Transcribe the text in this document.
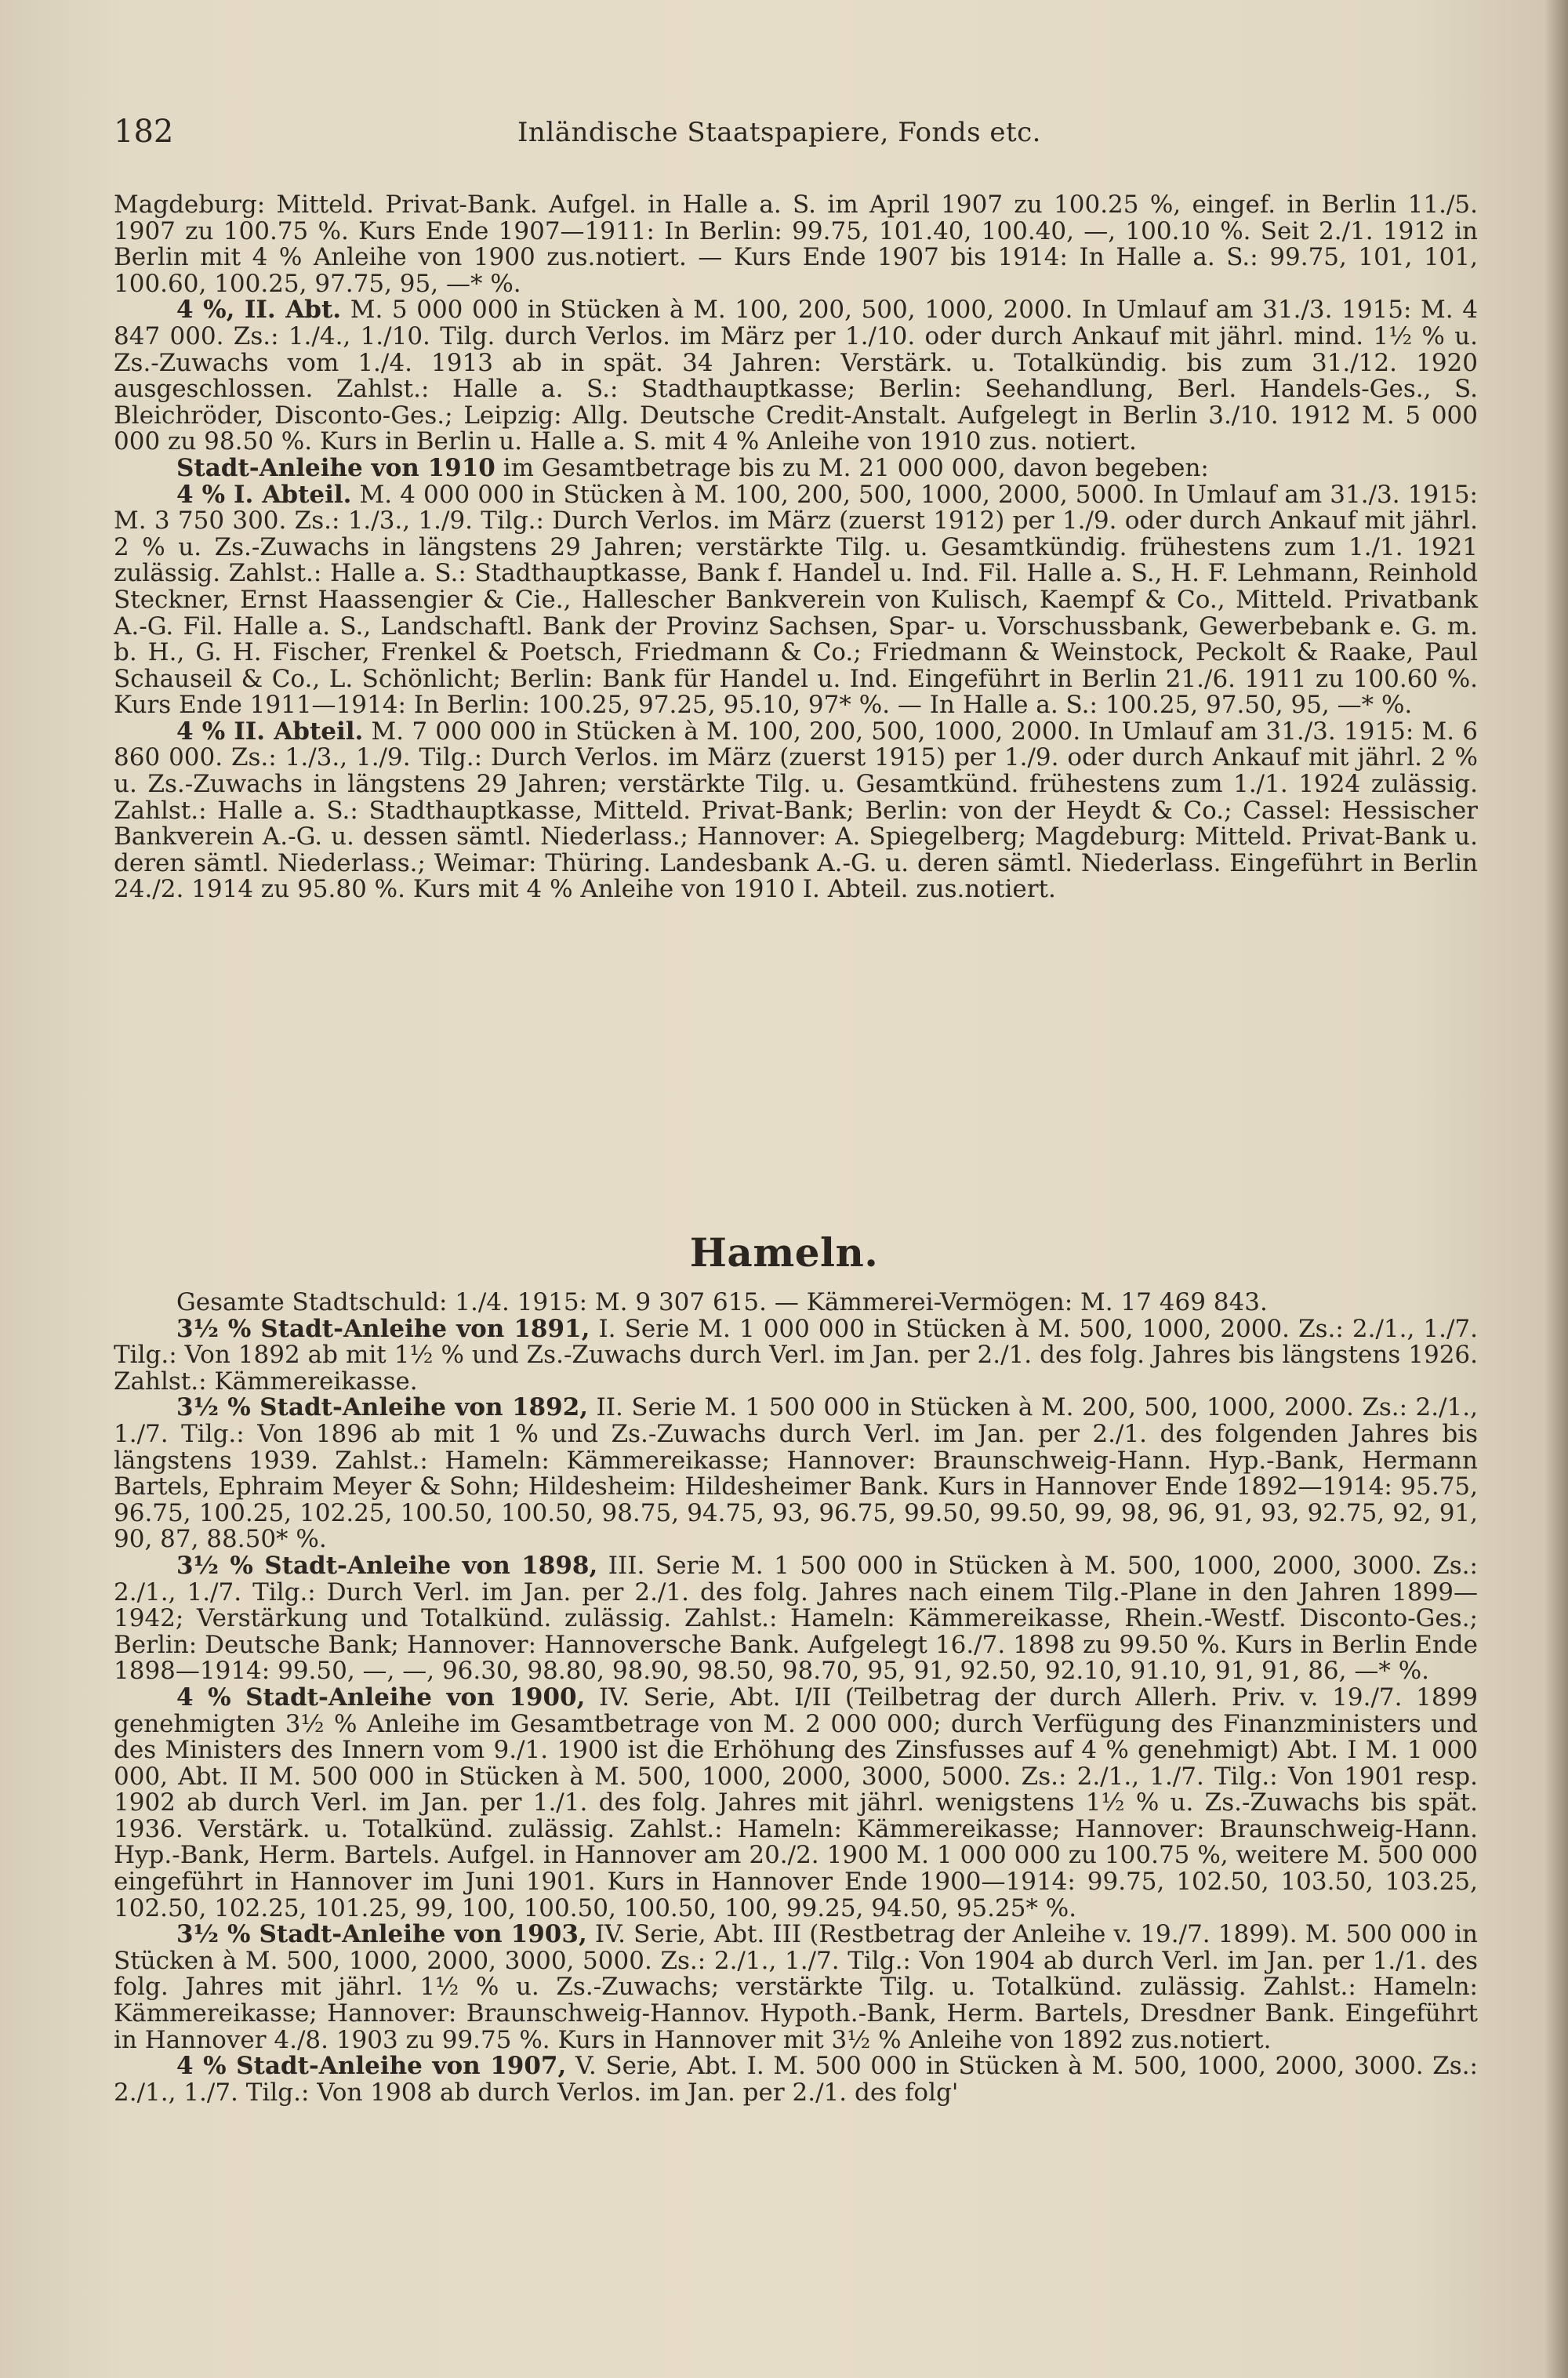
182	Inländische Staatspapiere, Fonds etc.

Magdeburg: Mitteld. Privat-Bank. Aufgel. in Halle a. S. im April 1907 zu 100.25 %, eingef. in Berlin 11./5. 1907 zu 100.75 %. Kurs Ende 1907—1911: In Berlin: 99.75, 101.40, 100.40, —, 100.10 %. Seit 2./1. 1912 in Berlin mit 4 % Anleihe von 1900 zus.notiert. — Kurs Ende 1907 bis 1914: In Halle a. S.: 99.75, 101, 101, 100.60, 100.25, 97.75, 95, —* %.

4 %, II. Abt. M. 5 000 000 in Stücken à M. 100, 200, 500, 1000, 2000. In Umlauf am 31./3. 1915: M. 4 847 000. Zs.: 1./4., 1./10. Tilg. durch Verlos. im März per 1./10. oder durch Ankauf mit jährl. mind. 1½ % u. Zs.-Zuwachs vom 1./4. 1913 ab in spät. 34 Jahren: Verstärk. u. Totalkündig. bis zum 31./12. 1920 ausgeschlossen. Zahlst.: Halle a. S.: Stadthauptkasse; Berlin: Seehandlung, Berl. Handels-Ges., S. Bleichröder, Disconto-Ges.; Leipzig: Allg. Deutsche Credit-Anstalt. Aufgelegt in Berlin 3./10. 1912 M. 5 000 000 zu 98.50 %. Kurs in Berlin u. Halle a. S. mit 4 % Anleihe von 1910 zus. notiert.

Stadt-Anleihe von 1910 im Gesamtbetrage bis zu M. 21 000 000, davon begeben:

4 % I. Abteil. M. 4 000 000 in Stücken à M. 100, 200, 500, 1000, 2000, 5000. In Umlauf am 31./3. 1915: M. 3 750 300. Zs.: 1./3., 1./9. Tilg.: Durch Verlos. im März (zuerst 1912) per 1./9. oder durch Ankauf mit jährl. 2 % u. Zs.-Zuwachs in längstens 29 Jahren; verstärkte Tilg. u. Gesamtkündig. frühestens zum 1./1. 1921 zulässig. Zahlst.: Halle a. S.: Stadthauptkasse, Bank f. Handel u. Ind. Fil. Halle a. S., H. F. Lehmann, Reinhold Steckner, Ernst Haassengier & Cie., Hallescher Bankverein von Kulisch, Kaempf & Co., Mitteld. Privatbank A.-G. Fil. Halle a. S., Landschaftl. Bank der Provinz Sachsen, Spar- u. Vorschussbank, Gewerbebank e. G. m. b. H., G. H. Fischer, Frenkel & Poetsch, Friedmann & Co.; Friedmann & Weinstock, Peckolt & Raake, Paul Schauseil & Co., L. Schönlicht; Berlin: Bank für Handel u. Ind. Eingeführt in Berlin 21./6. 1911 zu 100.60 %. Kurs Ende 1911—1914: In Berlin: 100.25, 97.25, 95.10, 97* %. — In Halle a. S.: 100.25, 97.50, 95, —* %.

4 % II. Abteil. M. 7 000 000 in Stücken à M. 100, 200, 500, 1000, 2000. In Umlauf am 31./3. 1915: M. 6 860 000. Zs.: 1./3., 1./9. Tilg.: Durch Verlos. im März (zuerst 1915) per 1./9. oder durch Ankauf mit jährl. 2 % u. Zs.-Zuwachs in längstens 29 Jahren; verstärkte Tilg. u. Gesamtkünd. frühestens zum 1./1. 1924 zulässig. Zahlst.: Halle a. S.: Stadthauptkasse, Mitteld. Privat-Bank; Berlin: von der Heydt & Co.; Cassel: Hessischer Bankverein A.-G. u. dessen sämtl. Niederlass.; Hannover: A. Spiegelberg; Magdeburg: Mitteld. Privat-Bank u. deren sämtl. Niederlass.; Weimar: Thüring. Landesbank A.-G. u. deren sämtl. Niederlass. Eingeführt in Berlin 24./2. 1914 zu 95.80 %. Kurs mit 4 % Anleihe von 1910 I. Abteil. zus.notiert.

Hameln.

Gesamte Stadtschuld: 1./4. 1915: M. 9 307 615. — Kämmerei-Vermögen: M. 17 469 843.

3½ % Stadt-Anleihe von 1891, I. Serie M. 1 000 000 in Stücken à M. 500, 1000, 2000. Zs.: 2./1., 1./7. Tilg.: Von 1892 ab mit 1½ % und Zs.-Zuwachs durch Verl. im Jan. per 2./1. des folg. Jahres bis längstens 1926. Zahlst.: Kämmereikasse.

3½ % Stadt-Anleihe von 1892, II. Serie M. 1 500 000 in Stücken à M. 200, 500, 1000, 2000. Zs.: 2./1., 1./7. Tilg.: Von 1896 ab mit 1 % und Zs.-Zuwachs durch Verl. im Jan. per 2./1. des folgenden Jahres bis längstens 1939. Zahlst.: Hameln: Kämmereikasse; Hannover: Braunschweig-Hann. Hyp.-Bank, Hermann Bartels, Ephraim Meyer & Sohn; Hildesheim: Hildesheimer Bank. Kurs in Hannover Ende 1892—1914: 95.75, 96.75, 100.25, 102.25, 100.50, 100.50, 98.75, 94.75, 93, 96.75, 99.50, 99.50, 99, 98, 96, 91, 93, 92.75, 92, 91, 90, 87, 88.50* %.

3½ % Stadt-Anleihe von 1898, III. Serie M. 1 500 000 in Stücken à M. 500, 1000, 2000, 3000. Zs.: 2./1., 1./7. Tilg.: Durch Verl. im Jan. per 2./1. des folg. Jahres nach einem Tilg.-Plane in den Jahren 1899—1942; Verstärkung und Totalkünd. zulässig. Zahlst.: Hameln: Kämmereikasse, Rhein.-Westf. Disconto-Ges.; Berlin: Deutsche Bank; Hannover: Hannoversche Bank. Aufgelegt 16./7. 1898 zu 99.50 %. Kurs in Berlin Ende 1898—1914: 99.50, —, —, 96.30, 98.80, 98.90, 98.50, 98.70, 95, 91, 92.50, 92.10, 91.10, 91, 91, 86, —* %.

4 % Stadt-Anleihe von 1900, IV. Serie, Abt. I/II (Teilbetrag der durch Allerh. Priv. v. 19./7. 1899 genehmigten 3½ % Anleihe im Gesamtbetrage von M. 2 000 000; durch Verfügung des Finanzministers und des Ministers des Innern vom 9./1. 1900 ist die Erhöhung des Zinsfusses auf 4 % genehmigt) Abt. I M. 1 000 000, Abt. II M. 500 000 in Stücken à M. 500, 1000, 2000, 3000, 5000. Zs.: 2./1., 1./7. Tilg.: Von 1901 resp. 1902 ab durch Verl. im Jan. per 1./1. des folg. Jahres mit jährl. wenigstens 1½ % u. Zs.-Zuwachs bis spät. 1936. Verstärk. u. Totalkünd. zulässig. Zahlst.: Hameln: Kämmereikasse; Hannover: Braunschweig-Hann. Hyp.-Bank, Herm. Bartels. Aufgel. in Hannover am 20./2. 1900 M. 1 000 000 zu 100.75 %, weitere M. 500 000 eingeführt in Hannover im Juni 1901. Kurs in Hannover Ende 1900—1914: 99.75, 102.50, 103.50, 103.25, 102.50, 102.25, 101.25, 99, 100, 100.50, 100.50, 100, 99.25, 94.50, 95.25* %.

3½ % Stadt-Anleihe von 1903, IV. Serie, Abt. III (Restbetrag der Anleihe v. 19./7. 1899). M. 500 000 in Stücken à M. 500, 1000, 2000, 3000, 5000. Zs.: 2./1., 1./7. Tilg.: Von 1904 ab durch Verl. im Jan. per 1./1. des folg. Jahres mit jährl. 1½ % u. Zs.-Zuwachs; verstärkte Tilg. u. Totalkünd. zulässig. Zahlst.: Hameln: Kämmereikasse; Hannover: Braunschweig-Hannov. Hypoth.-Bank, Herm. Bartels, Dresdner Bank. Eingeführt in Hannover 4./8. 1903 zu 99.75 %. Kurs in Hannover mit 3½ % Anleihe von 1892 zus.notiert.

4 % Stadt-Anleihe von 1907, V. Serie, Abt. I. M. 500 000 in Stücken à M. 500, 1000, 2000, 3000. Zs.: 2./1., 1./7. Tilg.: Von 1908 ab durch Verlos. im Jan. per 2./1. des folg'
